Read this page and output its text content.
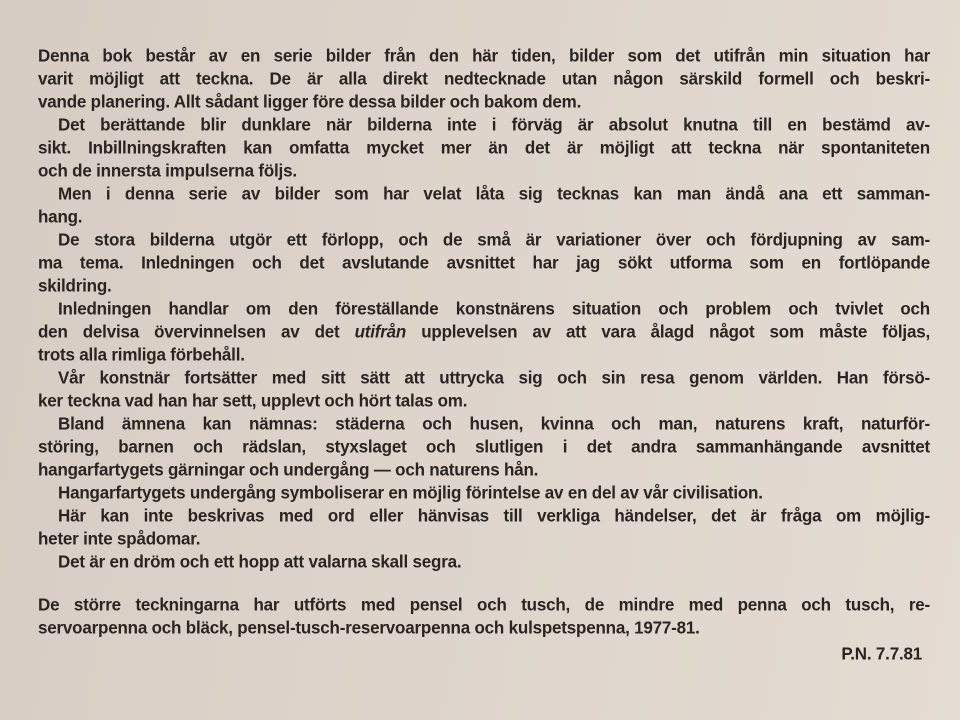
Denna bok består av en serie bilder från den här tiden, bilder som det utifrån min situation har
varit möjligt att teckna. De är alla direkt nedtecknade utan någon särskild formell och beskri-
vande planering. Allt sådant ligger före dessa bilder och bakom dem.
Det berättande blir dunklare när bilderna inte i förväg är absolut knutna till en bestämd av-
sikt. Inbillningskraften kan omfatta mycket mer än det är möjligt att teckna när spontaniteten
och de innersta impulserna följs.
Men i denna serie av bilder som har velat låta sig tecknas kan man ändå ana ett samman-
hang.
De stora bilderna utgör ett förlopp, och de små är variationer över och fördjupning av sam-
ma tema. Inledningen och det avslutande avsnittet har jag sökt utforma som en fortlöpande
skildring.
Inledningen handlar om den föreställande konstnärens situation och problem och tvivlet och
den delvisa övervinnelsen av det utifrån upplevelsen av att vara ålagd något som måste följas,
trots alla rimliga förbehåll.
Vår konstnär fortsätter med sitt sätt att uttrycka sig och sin resa genom världen. Han försö-
ker teckna vad han har sett, upplevt och hört talas om.
Bland ämnena kan nämnas: städerna och husen, kvinna och man, naturens kraft, naturför-
störing, barnen och rädslan, styxslaget och slutligen i det andra sammanhängande avsnittet
hangarfartygets gärningar och undergång — och naturens hån.
Hangarfartygets undergång symboliserar en möjlig förintelse av en del av vår civilisation.
Här kan inte beskrivas med ord eller hänvisas till verkliga händelser, det är fråga om möjlig-
heter inte spådomar.
Det är en dröm och ett hopp att valarna skall segra.
De större teckningarna har utförts med pensel och tusch, de mindre med penna och tusch, re-
servoarpenna och bläck, pensel-tusch-reservoarpenna och kulspetspenna, 1977-81.
P.N. 7.7.81
